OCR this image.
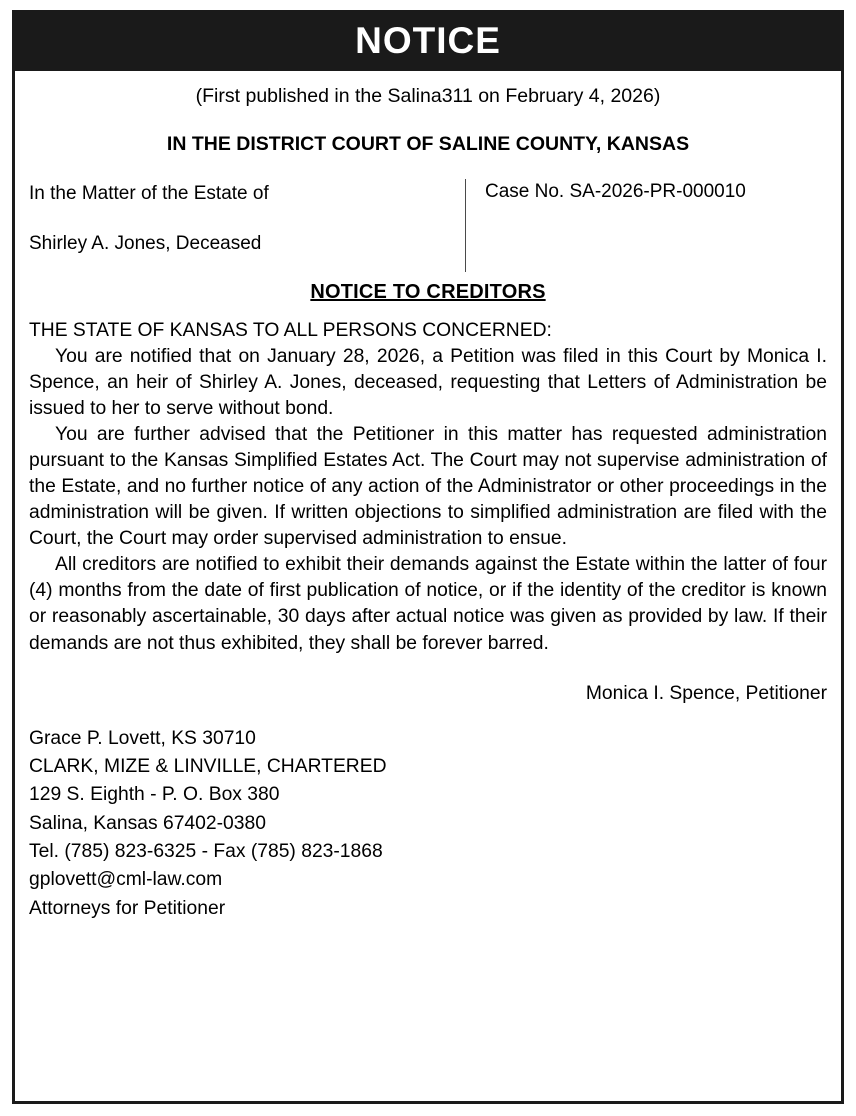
NOTICE
(First published in the Salina311 on February 4, 2026)
IN THE DISTRICT COURT OF SALINE COUNTY, KANSAS
In the Matter of the Estate of
Shirley A. Jones, Deceased
Case No. SA-2026-PR-000010
NOTICE TO CREDITORS

THE STATE OF KANSAS TO ALL PERSONS CONCERNED:

You are notified that on January 28, 2026, a Petition was filed in this Court by Monica I. Spence, an heir of Shirley A. Jones, deceased, requesting that Letters of Administration be issued to her to serve without bond.

You are further advised that the Petitioner in this matter has requested administration pursuant to the Kansas Simplified Estates Act. The Court may not supervise administration of the Estate, and no further notice of any action of the Administrator or other proceedings in the administration will be given. If written objections to simplified administration are filed with the Court, the Court may order supervised administration to ensue.

All creditors are notified to exhibit their demands against the Estate within the latter of four (4) months from the date of first publication of notice, or if the identity of the creditor is known or reasonably ascertainable, 30 days after actual notice was given as provided by law. If their demands are not thus exhibited, they shall be forever barred.

Monica I. Spence, Petitioner
Grace P. Lovett, KS 30710
CLARK, MIZE & LINVILLE, CHARTERED
129 S. Eighth - P. O. Box 380
Salina, Kansas 67402-0380
Tel. (785) 823-6325 - Fax (785) 823-1868
gplovett@cml-law.com
Attorneys for Petitioner
